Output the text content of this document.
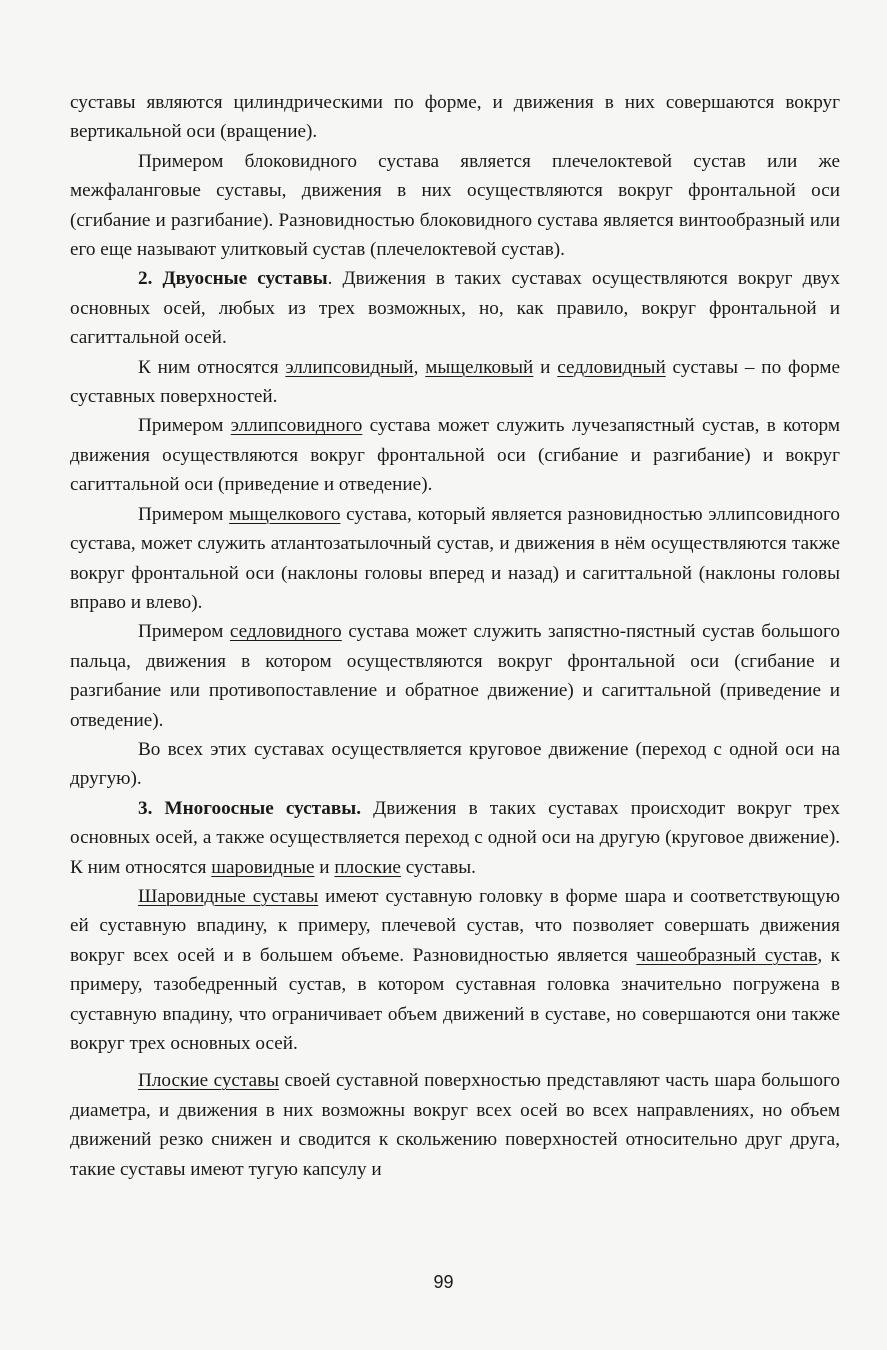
суставы являются цилиндрическими по форме, и движения в них совершаются вокруг вертикальной оси (вращение).

Примером блоковидного сустава является плечелоктевой сустав или же межфаланговые суставы, движения в них осуществляются вокруг фронтальной оси (сгибание и разгибание). Разновидностью блоковидного сустава является винтообразный или его еще называют улитковый сустав (плечелоктевой сустав).

2. Двуосные суставы. Движения в таких суставах осуществляются вокруг двух основных осей, любых из трех возможных, но, как правило, вокруг фронтальной и сагиттальной осей.

К ним относятся эллипсовидный, мыщелковый и седловидный суставы – по форме суставных поверхностей.

Примером эллипсовидного сустава может служить лучезапястный сустав, в которм движения осуществляются вокруг фронтальной оси (сгибание и разгибание) и вокруг сагиттальной оси (приведение и отведение).

Примером мыщелкового сустава, который является разновидностью эллипсовидного сустава, может служить атлантозатылочный сустав, и движения в нём осуществляются также вокруг фронтальной оси (наклоны головы вперед и назад) и сагиттальной (наклоны головы вправо и влево).

Примером седловидного сустава может служить запястно-пястный сустав большого пальца, движения в котором осуществляются вокруг фронтальной оси (сгибание и разгибание или противопоставление и обратное движение) и сагиттальной (приведение и отведение).

Во всех этих суставах осуществляется круговое движение (переход с одной оси на другую).

3. Многоосные суставы. Движения в таких суставах происходит вокруг трех основных осей, а также осуществляется переход с одной оси на другую (круговое движение). К ним относятся шаровидные и плоские суставы.

Шаровидные суставы имеют суставную головку в форме шара и соответствующую ей суставную впадину, к примеру, плечевой сустав, что позволяет совершать движения вокруг всех осей и в большем объеме. Разновидностью является чашеобразный сустав, к примеру, тазобедренный сустав, в котором суставная головка значительно погружена в суставную впадину, что ограничивает объем движений в суставе, но совершаются они также вокруг трех основных осей.

Плоские суставы своей суставной поверхностью представляют часть шара большого диаметра, и движения в них возможны вокруг всех осей во всех направлениях, но объем движений резко снижен и сводится к скольжению поверхностей относительно друг друга, такие суставы имеют тугую капсулу и

99
